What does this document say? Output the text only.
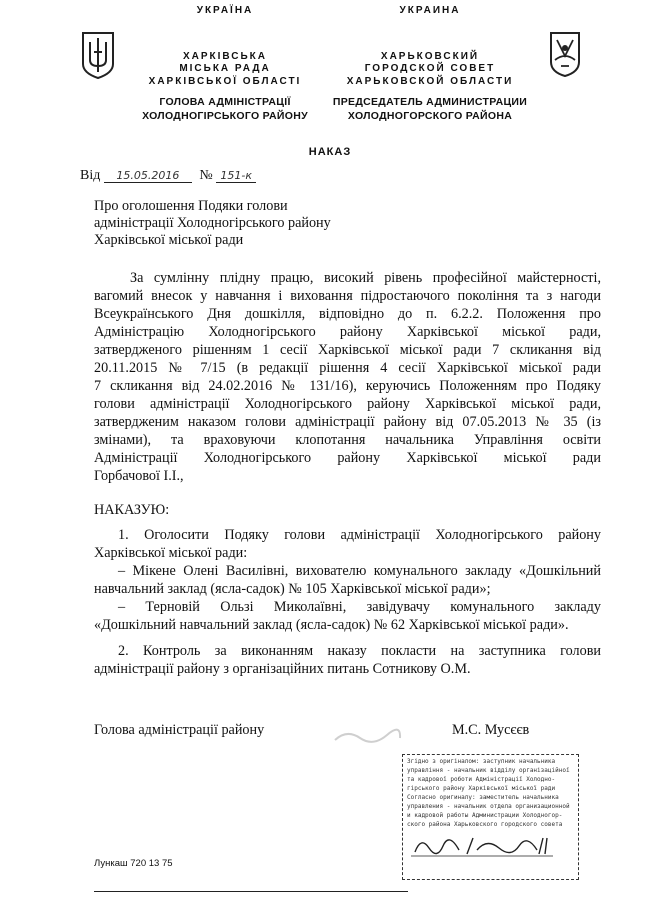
УКРАЇНА
ХАРКІВСЬКА
МІСЬКА РАДА
ХАРКІВСЬКОЇ ОБЛАСТІ
ГОЛОВА АДМІНІСТРАЦІЇ
ХОЛОДНОГІРСЬКОГО РАЙОНУ
УКРАИНА
ХАРЬКОВСКИЙ
ГОРОДСКОЙ СОВЕТ
ХАРЬКОВСКОЙ ОБЛАСТИ
ПРЕДСЕДАТЕЛЬ АДМИНИСТРАЦИИ
ХОЛОДНОГОРСКОГО РАЙОНА
НАКАЗ
Від 15.05.2016 № 151-к
Про оголошення Подяки голови
адміністрації Холодногірського району
Харківської міської ради
За сумлінну плідну працю, високий рівень професійної майстерності,
вагомий внесок у навчання і виховання підростаючого покоління та з нагоди
Всеукраїнського Дня дошкілля, відповідно до п. 6.2.2. Положення про
Адміністрацію Холодногірського району Харківської міської ради,
затвердженого рішенням 1 сесії Харківської міської ради 7 скликання від
20.11.2015 № 7/15 (в редакції рішення 4 сесії Харківської міської ради
7 скликання від 24.02.2016 № 131/16), керуючись Положенням про Подяку
голови адміністрації Холодногірського району Харківської міської ради,
затвердженим наказом голови адміністрації району від 07.05.2013 № 35 (із
змінами), та враховуючи клопотання начальника Управління освіти
Адміністрації Холодногірського району Харківської міської ради
Горбачової І.І.,
НАКАЗУЮ:
1. Оголосити Подяку голови адміністрації Холодногірського району
Харківської міської ради:
– Мікене Олені Василівні, вихователю комунального закладу «Дошкільний
навчальний заклад (ясла-садок) № 105 Харківської міської ради»;
– Терновій Ользі Миколаївні, завідувачу комунального закладу
«Дошкільний навчальний заклад (ясла-садок) № 62 Харківської міської ради».
2. Контроль за виконанням наказу покласти на заступника голови
адміністрації району з організаційних питань Сотникову О.М.
Голова адміністрації району	М.С. Мусєєв
Згідно з оригіналом: заступник начальника
управління - начальник відділу організаційної
та кадрової роботи Адміністрації Холодно-
гірського району Харківської міської ради
Согласно оригиналу: заместитель начальника
управления - начальник отдела организационной
и кадровой работы Администрации Холодногор-
ского района Харьковского городского совета
Лункаш 720 13 75
